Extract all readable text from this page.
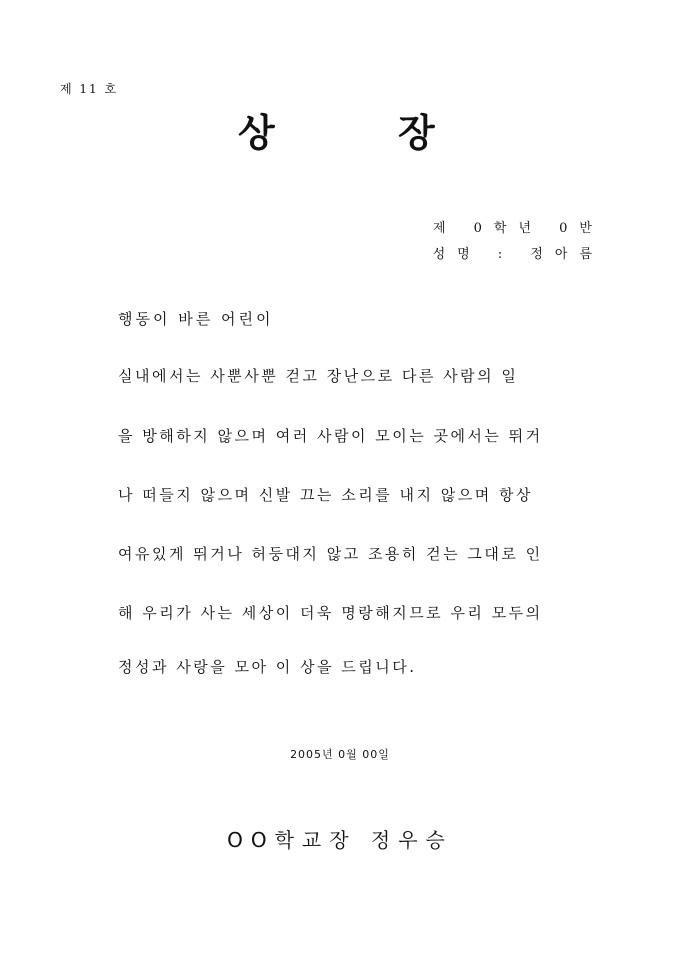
제 11 호
상	장
제 0학년 0반
성명 : 정아름
행동이 바른 어린이
실내에서는 사뿐사뿐 걷고 장난으로 다른 사람의 일
을 방해하지 않으며 여러 사람이 모이는 곳에서는 뛰거
나 떠들지 않으며 신발 끄는 소리를 내지 않으며 항상
여유있게 뛰거나 허둥대지 않고 조용히 걷는 그대로 인
해 우리가 사는 세상이 더욱 명랑해지므로 우리 모두의
정성과 사랑을 모아 이 상을 드립니다.
2005년 0월 00일
OO학교장 정우승
